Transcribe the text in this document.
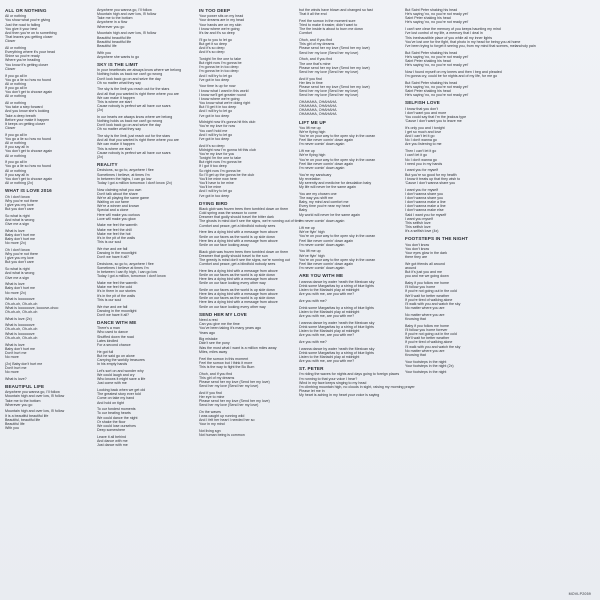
ALL OR NOTHING
All or nothing
You show what you're giving
Just the road to falling
You give it your best
And then you're on to something
That leaves you getting closer
Closer
All or nothing
Everything where it's your head
Shine so you're ready
Where you're heading
You know it's getting closer
Closer
If you go all in
You go a lie so how no found
All or nothing
If you go all in
You don't get to choose again
All or nothing
All or nothing
You take a step forward
And you know she's looking
Take a deep breath
Before your make it happen
It keeps on getting closer
Closer
If you go all in
You go a lie so how no found
All or nothing
If you say all in
You don't get to choose again
All or nothing
If you go all in
You go a lie so how no found
All or nothing
If you say all in
You don't get to choose again
All or nothing (2x)
WHAT IS LOVE 2016
Oh I don't know
Why you're not there
I give you my love
But you don't care
So what is right
And what is wrong
Give me a sign
What is love
Baby don't hurt me
Baby don't hurt me
No more (2x)
Oh I don't know
Why you're not there
I give you my love
But you don't care
So what is right
And what is wrong
Give me a sign
What is love
Baby don't hurt me
No more (2x)
What is loooooove
Oh-oh-oh, Oh-oh-oh
What is loooooove, loooove-ohoo
Oh-oh-oh, Oh-oh-oh
What is love (2x)
What is loooooove
Oh-oh-oh, Oh-oh-oh
What is loooooove
Oh-oh-oh, Oh-oh-oh
What is love
Baby don't hurt me
Don't hurt me
No more
(2x) Baby don't hurt me
Don't hurt me
No more
What is love?
BEAUTIFUL LIFE
Anywhere you wanna go, I'll follow
Mountain high and over low, I'll follow
Take me to the bottom
Wherever you go
Mountain high and over low, I'll follow
It is a beautiful beautiful life
Beautiful, beautiful life
Beautiful life
With you
Anywhere you wanna go, I'll follow
Mountain high and over low, I'll follow
Take me to the bottom
Anywhere in a flow
Wherever you go
Mountain high and over low, I'll follow
Beautiful beautiful life
Beautiful beautiful life
Beautiful life
With you
Anywhere she wants to go
SKY IS THE LIMIT
In your heartbeats we always know where we belong
Nothing holds us back we can't go wrong
Don't look back go on and seize the day
Oh no matter what they say
The sky is the limit you reach out for the stars
And all that you wanted is right there where you are
We can make it happen
This is where we start
Cause nobody is perfect we all have our scars
(2x)
In our hearts we always know where we belong
Nothing holds us back we can't go wrong
Don't look back go on and seize the day
Oh no matter what they say
The sky is the limit, just reach out for the stars
And all that you wanted is right there where you are
We can make it happen
This is where we start
Cause nobody is perfect we all have our scars
(2x)
REALITY
Decisions, so go to, anywhere I flee
Sometimes I believe, at times I'm
In between the highs, I can go low
Today I got a million tomorrow I don't know (2x)
Now claiming what you own
Don't talk about the share
We're all playing the same game
Waiting on our fame
We're a winner and known
Special and a clone
Here will make you curious
Love will make you glow
Make me feel the warmth
Make me feel the chill
Make me feel the hot
It's in the pit of the walls
This is our soul
We rise and we fall
Dancing in the moonlight
Don't we have it all?
Decisions, so go to, anywhere I flee
Sometimes I believe at times I'm
In between I can fly high, I can go low
Today I got a million, tomorrow I don't know
Make me feel the warmth
Make me feel the cold
It's in them in our stories
It's in the pit of the walls
This is our soul
We rise and we fall
Dancing in the moonlight
Don't we have it all?
DANCE WITH ME
There's a man
Who used to dance
Shuffled down the road
Lates kindled
For a second chance
He got full
But he said go on alone
Carrying the worldly treasures
In his empty hands
Let's sort on and wonder why
We could laugh and cry
Who knows it might save a life
Just come with me
Looking back when we get old
The greatest story ever told
Come on take my hand
And hold on tight
To our fondest moments
To our beating hearts
We could dance the night
Or shake the floor
We could lose ourselves
Deep somewhere
Leave it all behind
And dance with me
Just dance with me
IN TOO DEEP
Your power sits on my head
Your dreams are in my head
Your hands are on my skin
I know where we're going
It's far and it's so deep
I'll go to you to let go
But get it so deep
And it's so deep
And it's so deep
Tonight I'm the one to take
But right now I'm gonna be
I'm gonna be in too deep
I'm gonna be in too deep
And I will try to let go
I've got in too deep
Your time is up for now
I know what I want in this world
I know we'll get greater round
I know where we're going
You know what we're doing right
But I'll get it in too deep
And I will try to let go
I've got in too deep
Midnight now it's gonna hit this club
You're my love for now
You can't hold me
And I will try to let go
I've got in too deep
And it's so deep
Midnight now I'm gonna hit this club
You're my love for you
Tonight I'm the one to take
But right now I'm gonna be
If I got it too deep
So right now I'm gonna be
So I'll get up the gonna be the club
You'll be mine now here
You'll have to be mine
You'll be mine
And I will try to let go
I've got in too deep
DYING BIRD
Black glob was frozen trees then tumbled down on them
Cold spring was the season to come
Dreamer that godly should travel the bitter dark
The ghosts in mind don't see the signs, we're running out of time
Comfort and peace, get a blindfold nobody sees
Here lies a dying bird with a message from above
Smile on our faces as the world is up side down
Here lies a dying bird with a message from above
Smile on our face looking away
Black glob was frozen trees then tumbled down on them
Dreamer that godly should travel to the sun
The greedy is mind don't see the signs, we're running out
Comfort and peace, get a blindfold nobody sees
Here lies a dying bird with a message from above
Smile on our faces as the world is up side down
Here lies a dying bird with a message from above
Smile on our face looking every other way
Smile on our faces as the world is up side down
Here lies a dying bird with a message from above
Smile on our faces as the world is up side down
Here lies a dying bird with a message from above
Smile on our face looking every other way
SEND HER MY LOVE
Need a rest
Can you give me the time
You've been taking it's many years ago
Years ago
Big mistake
Didn't see the pony
Was the most what I want is a million miles away
Miles, miles away
Feel the sorrow in this moment
Feel the sorrow but I think it more
This is the way to fight the Bu Bum
Ohoh, and if you find
This girl of my dreams
Please send her my love (Send her my love)
Send her my love (Send her my love)
And if you find
Her eye to mine
Please send her my love (Send her my love)
Send her my love (Send her my love)
On the waves
I was caught up running wild
And I felt her heart I needed her so
Your in my mind
Not living sgn
Not human being is common
but the winds have blown and changed so fast
That it all the end
Feel the sorrow in the moment sure
Tried to make it easier, didn't want to
The fire inside is about to burn me down
Comfort
Ohoh, and if you find
This girl of my dreams
Please send her my love (Send her my love)
Send her my love (Send her my love)
Ohoh, and if you find
The one that's mine
Please send her my love (Send her my love)
Send her my love (Send her my love)
And if you find
Her lies in time
Please send her my love (Send her my love)
Send her my love (Send her my love)
Send her my love (Send her my love)
OHAHAHA, OHAHAHA
OHAHAHA, OHAHAHA
OHAHAHA, OHAHAHA
OHAHAHA, OHAHAHA
LIFT ME UP
You lift me up
We're flying high
You're on your way to the open sky in the ocean
Feel like never comin' down again
I'm never comin' down again
Lift me up
We're flying high
You're on your way to the open sky in the ocean
Feel like never comin' down again
I'm never comin' down again
You're my sanctuary
My revelation
My serenity and medicine for desolation baby
My life will never be the same again
You are my chosen one
The way you shift me
Baby, my mind and comfort me
Every time you're near my heart
Baby
My world will never be the same again
I'm never comin' down again
Lift me up
We've flyin' high
You're on your way to the open sky in the ocean
Feel like never comin' down again
I'm never comin' down again
You lift me up
We've flyin' high
You're on your way to the open sky in the ocean
Feel like never comin' down again
I'm never comin' down again
ARE YOU WITH ME
I wanna dance by water 'neath the Mexican sky
Drink some Margaritas by a string of blue lights
Listen to the Mariachi play at midnight
Are you with me, are you with me?
Are you with me?
Drink some Margaritas by a string of blue lights
Listen to the Mariachi play at midnight
Are you with me, are you with me?
I wanna dance by water 'neath the Mexican sky
Drink some Margaritas by a string of blue lights
Listen to the Mariachi play at midnight
Are you with me, are you with me?
Are you with me?
I wanna dance by water 'neath the Mexican sky
Drink some Margaritas by a string of blue lights
Listen to the Mariachi play at midnight
Are you with me, are you with me?
ST. PETER
I'm riding the waves for nights and days going to foreign places
I'm running to that your voice I hear?
Wind in my face keeps singing to my head
I'm climbing mountain high, no clouds in sight, raising my morning prayer
Please let me in
My heart is aching in my heart your voice is saying
But Saint Peter shaking his head
He's saying 'no, no you're not ready yet'
Saint Peter shaking his head
He's saying 'no, no you're not ready yet'
I can't see clear the memory of you keeps haunting my mind
I've lost control of my life, a memory that I deal in
This inexhaustible place of you while all my inner lights
You've lost one for the fight, that photo in my head for being you at home
I've been trying to forget it seeing you, from my mind that scenes, melancholy pain
But Saint Peter shaking his head
He's saying 'no, no you're not ready yet'
Saint Peter shaking his head
He's saying 'no, no you're not ready yet'
Now I found myself on my knees and then I beg and pleaded
I'm gonna cry, could be for nights and of my life, for me go
But Saint Peter shaking his head
He's saying 'no, no you're not ready yet'
Saint Peter shaking his head
He's saying 'no, no you're not ready yet'
SELFISH LOVE
I know that you don't
I don't want you and more
You could say that I'm the jealous type
'Cause I don't want you to leave me
It's only you and I tonight
I get so much and love
And I can't let it go
No I don't wanna go
Are you listening to me
Then I can't let it go
I can't let it go
No I don't wanna go
I need you in my hands
I want you for myself
But you're so good for my health
I know it treats up that they wish to
'Cause I don't wanna share you
I want you for myself
I don't wanna share you
I don't wanna share you
I don't wanna make a line
I don't wanna make a line
I don't wanna make else
Said I want you for myself
I want you myself
This selfish love
This selfish love
It's a selfish love (4x)
FOOTSTEPS IN THE NIGHT
You don't know
You don't know
Your eyes glow in the dark
there they are
We got friends all around
around
But it's just you and me
you and me we going down
Baby if you follow me home
I'll follow you home
If you're not going out in the cold
We'll wait for better weather
If you're tired of walking alone
I'll walk with you and watch the sky
No matter where you are
No matter where you are
Knowing that
Baby if you follow me home
I'll follow you home forever
If you're not going out in the cold
We'll wait for better weather
If you're tired of walking alone
I'll walk with you and watch the sky
No matter where you are
Knowing that
Your footsteps in the night
Your footsteps in the night (2x)
Your footsteps in the night
MOVLP2059
